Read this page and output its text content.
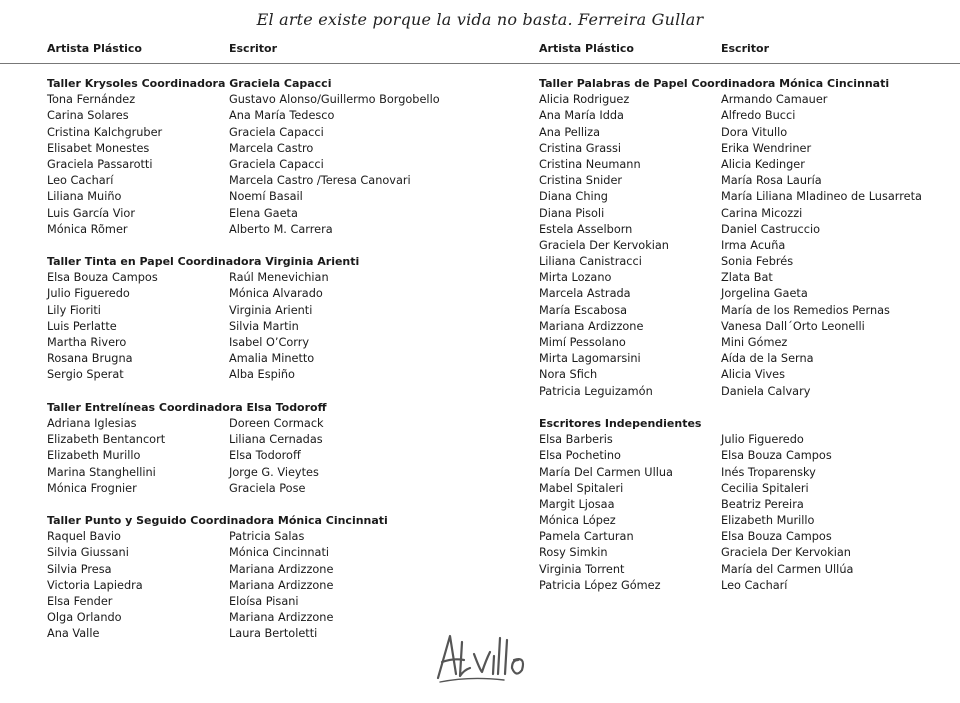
El arte existe porque la vida no basta. Ferreira Gullar
Artista Plástico	Escritor	Artista Plástico	Escritor
Taller Krysoles Coordinadora Graciela Capacci
Tona Fernández	Gustavo Alonso/Guillermo Borgobello
Carina Solares	Ana María Tedesco
Cristina Kalchgruber	Graciela Capacci
Elisabet Monestes	Marcela Castro
Graciela Passarotti	Graciela Capacci
Leo Cacharí	Marcela Castro /Teresa Canovari
Liliana Muiño	Noemí Basail
Luis García Vior	Elena Gaeta
Mónica Rõmer	Alberto M. Carrera
Taller Tinta en Papel Coordinadora Virginia Arienti
Elsa Bouza Campos	Raúl Menevichian
Julio Figueredo	Mónica Alvarado
Lily Fioriti	Virginia Arienti
Luis Perlatte	Silvia Martin
Martha Rivero	Isabel O’Corry
Rosana Brugna	Amalia Minetto
Sergio Sperat	Alba Espiño
Taller Entrelíneas Coordinadora Elsa Todoroff
Adriana Iglesias	Doreen Cormack
Elizabeth Bentancort	Liliana Cernadas
Elizabeth Murillo	Elsa Todoroff
Marina Stanghellini	Jorge G. Vieytes
Mónica Frognier	Graciela Pose
Taller Punto y Seguido Coordinadora Mónica Cincinnati
Raquel Bavio	Patricia Salas
Silvia Giussani	Mónica Cincinnati
Silvia Presa	Mariana Ardizzone
Victoria Lapiedra	Mariana Ardizzone
Elsa Fender	Eloísa Pisani
Olga Orlando	Mariana Ardizzone
Ana Valle	Laura Bertoletti
Taller Palabras de Papel Coordinadora Mónica Cincinnati
Alicia Rodriguez	Armando Camauer
Ana María Idda	Alfredo Bucci
Ana Pelliza	Dora Vitullo
Cristina Grassi	Erika Wendriner
Cristina Neumann	Alicia Kedinger
Cristina Snider	María Rosa Lauría
Diana Ching	María Liliana Mladineo de Lusarreta
Diana Pisoli	Carina Micozzi
Estela Asselborn	Daniel Castruccio
Graciela Der Kervokian	Irma Acuña
Liliana Canistracci	Sonia Febrés
Mirta Lozano	Zlata Bat
Marcela Astrada	Jorgelina Gaeta
María Escabosa	María de los Remedios Pernas
Mariana Ardizzone	Vanesa Dall´Orto Leonelli
Mimí Pessolano	Mini Gómez
Mirta Lagomarsini	Aída de la Serna
Nora Sfich	Alicia Vives
Patricia Leguizamón	Daniela Calvary
Escritores Independientes
Elsa Barberis	Julio Figueredo
Elsa Pochetino	Elsa Bouza Campos
María Del Carmen Ullua	Inés Troparensky
Mabel Spitaleri	Cecilia Spitaleri
Margit Ljosaa	Beatriz Pereira
Mónica López	Elizabeth Murillo
Pamela Carturan	Elsa Bouza Campos
Rosy Simkin	Graciela Der Kervokian
Virginia Torrent	María del Carmen Ullúa
Patricia López Gómez	Leo Cacharí
